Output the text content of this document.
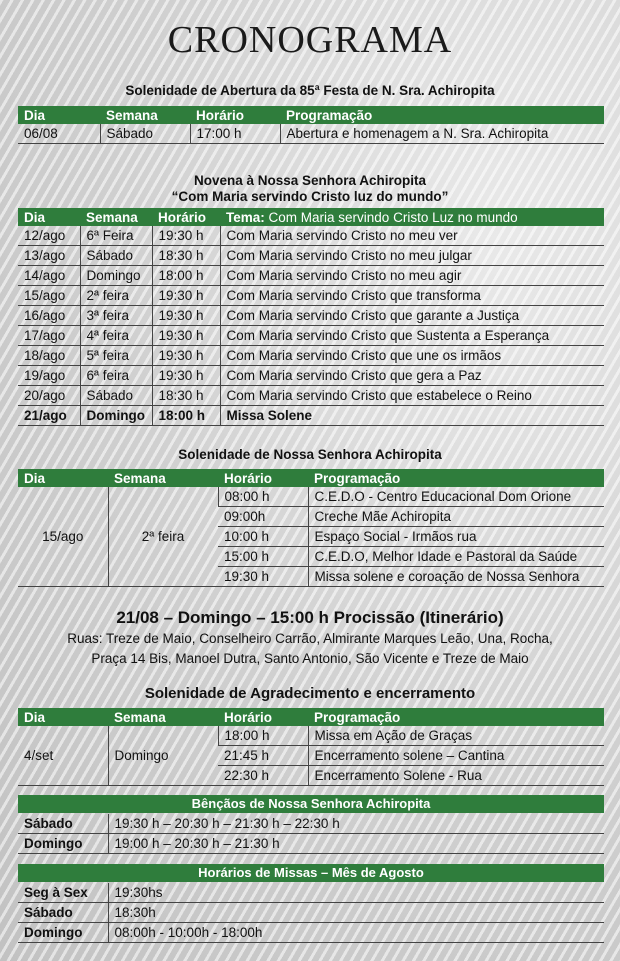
CRONOGRAMA
Solenidade de Abertura da 85ª Festa de N. Sra. Achiropita
Dia	Semana	Horário	Programação
06/08	Sábado	17:00 h	Abertura e homenagem a N. Sra. Achiropita
Novena à Nossa Senhora Achiropita
“Com Maria servindo Cristo luz do mundo”
Dia	Semana	Horário	Tema: Com Maria servindo Cristo Luz no mundo
12/ago	6ª Feira	19:30 h	Com Maria servindo Cristo no meu ver
13/ago	Sábado	18:30 h	Com Maria servindo Cristo no meu julgar
14/ago	Domingo	18:00 h	Com Maria servindo Cristo no meu agir
15/ago	2ª feira	19:30 h	Com Maria servindo Cristo que transforma
16/ago	3ª feira	19:30 h	Com Maria servindo Cristo que garante a Justiça
17/ago	4ª feira	19:30 h	Com Maria servindo Cristo que Sustenta a Esperança
18/ago	5ª feira	19:30 h	Com Maria servindo Cristo que une os irmãos
19/ago	6ª feira	19:30 h	Com Maria servindo Cristo que gera a Paz
20/ago	Sábado	18:30 h	Com Maria servindo Cristo que estabelece o Reino
21/ago	Domingo	18:00 h	Missa Solene
Solenidade de Nossa Senhora Achiropita
Dia	Semana	Horário	Programação
15/ago	2ª feira	08:00 h	C.E.D.O - Centro Educacional Dom Orione
		09:00h	Creche Mãe Achiropita
		10:00 h	Espaço Social - Irmãos rua
		15:00 h	C.E.D.O, Melhor Idade e Pastoral da Saúde
		19:30 h	Missa solene e coroação de Nossa Senhora
21/08 – Domingo – 15:00 h Procissão (Itinerário)
Ruas: Treze de Maio, Conselheiro Carrão, Almirante Marques Leão, Una, Rocha,
Praça 14 Bis, Manoel Dutra, Santo Antonio, São Vicente e Treze de Maio
Solenidade de Agradecimento e encerramento
Dia	Semana	Horário	Programação
4/set	Domingo	18:00 h	Missa em Ação de Graças
		21:45 h	Encerramento solene – Cantina
		22:30 h	Encerramento Solene - Rua
Bênçãos de Nossa Senhora Achiropita
Sábado	19:30 h – 20:30 h – 21:30 h – 22:30 h
Domingo	19:00 h – 20:30 h – 21:30 h
Horários de Missas – Mês de Agosto
Seg à Sex	19:30hs
Sábado	18:30h
Domingo	08:00h - 10:00h - 18:00h
